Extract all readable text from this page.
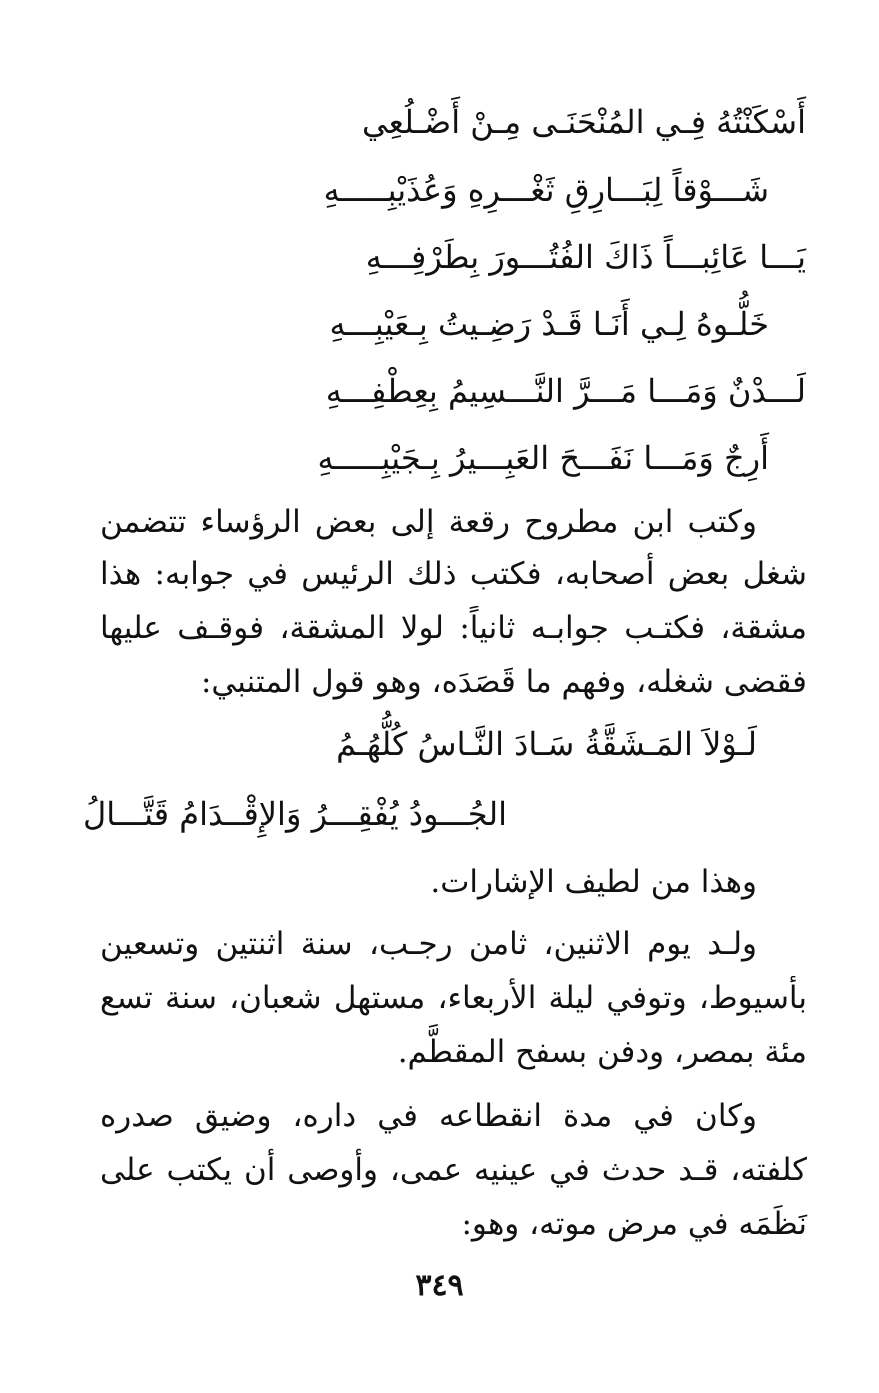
أَسْكَنْتُهُ فِـي المُنْحَنَـى مِـنْ أَضْـلُعِي
شَـــوْقاً لِبَـــارِقِ ثَغْـــرِهِ وَعُذَيْبِـــــهِ
يَـــا عَائِبـــاً ذَاكَ الفُتُـــورَ بِطَرْفِـــهِ
خَلُّـوهُ لِـي أَنَـا قَـدْ رَضِـيتُ بِـعَيْبِـــهِ
لَـــدْنٌ وَمَـــا مَـــرَّ النَّـــسِيمُ بِعِطْفِـــهِ
أَرِجٌ وَمَـــا نَفَـــحَ العَبِـــيرُ بِـجَيْبِـــــهِ
وكتب ابن مطروح رقعة إلى بعض الرؤساء تتضمن
شغل بعض أصحابه، فكتب ذلك الرئيس في جوابه: هذا
مشقة، فكتـب جوابـه ثانياً: لولا المشقة، فوقـف عليها
فقضى شغله، وفهم ما قَصَدَه، وهو قول المتنبي:
لَـوْلاَ المَـشَقَّةُ سَـادَ النَّـاسُ كُلُّهُـمُ
الجُـــودُ يُفْقِـــرُ وَالإِقْــدَامُ قَتَّـــالُ
وهذا من لطيف الإشارات.
ولـد يوم الاثنين، ثامن رجـب، سنة اثنتين وتسعين
بأسيوط، وتوفي ليلة الأربعاء، مستهل شعبان، سنة تسع
مئة بمصر، ودفن بسفح المقطَّم.
وكان في مدة انقطاعه في داره، وضيق صدره
كلفته، قـد حدث في عينيه عمى، وأوصى أن يكتب على
نَظَمَه في مرض موته، وهو:
٣٤٩
